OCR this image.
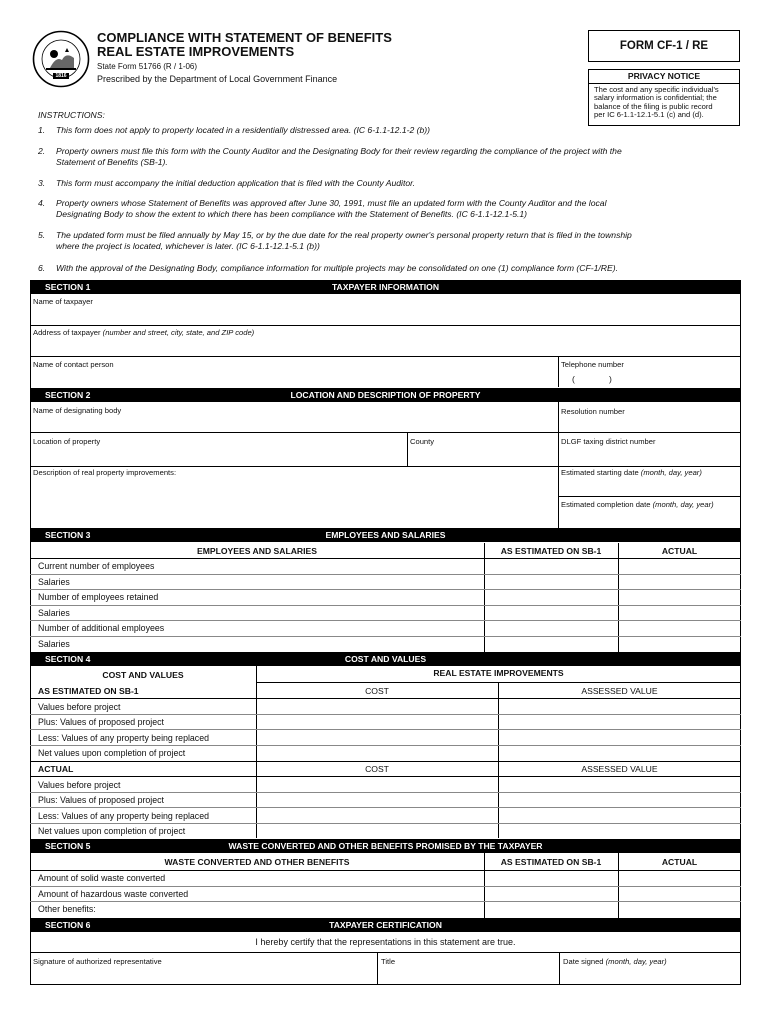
1816
COMPLIANCE WITH STATEMENT OF BENEFITS
REAL ESTATE IMPROVEMENTS
State Form 51766 (R / 1-06)
Prescribed by the Department of Local Government Finance
FORM CF-1 / RE
PRIVACY NOTICE
The cost and any specific individual's
salary information is confidential; the
balance of the filing is public record
per IC 6-1.1-12.1-5.1 (c) and (d).
INSTRUCTIONS:
1. This form does not apply to property located in a residentially distressed area. (IC 6-1.1-12.1-2 (b))
2. Property owners must file this form with the County Auditor and the Designating Body for their review regarding the compliance of the project with the
Statement of Benefits (SB-1).
3. This form must accompany the initial deduction application that is filed with the County Auditor.
4. Property owners whose Statement of Benefits was approved after June 30, 1991, must file an updated form with the County Auditor and the local
Designating Body to show the extent to which there has been compliance with the Statement of Benefits. (IC 6-1.1-12.1-5.1)
5. The updated form must be filed annually by May 15, or by the due date for the real property owner's personal property return that is filed in the township
where the project is located, whichever is later. (IC 6-1.1-12.1-5.1 (b))
6. With the approval of the Designating Body, compliance information for multiple projects may be consolidated on one (1) compliance form (CF-1/RE).
SECTION 1	TAXPAYER INFORMATION
Name of taxpayer
Address of taxpayer (number and street, city, state, and ZIP code)
Name of contact person	Telephone number
(	)
SECTION 2	LOCATION AND DESCRIPTION OF PROPERTY
Name of designating body	Resolution number
Location of property	County	DLGF taxing district number
Description of real property improvements:	Estimated starting date (month, day, year)
Estimated completion date (month, day, year)
SECTION 3	EMPLOYEES AND SALARIES
EMPLOYEES AND SALARIES	AS ESTIMATED ON SB-1	ACTUAL
Current number of employees
Salaries
Number of employees retained
Salaries
Number of additional employees
Salaries
SECTION 4	COST AND VALUES
COST AND VALUES	REAL ESTATE IMPROVEMENTS
AS ESTIMATED ON SB-1	COST	ASSESSED VALUE
Values before project
Plus: Values of proposed project
Less: Values of any property being replaced
Net values upon completion of project
ACTUAL	COST	ASSESSED VALUE
Values before project
Plus: Values of proposed project
Less: Values of any property being replaced
Net values upon completion of project
SECTION 5	WASTE CONVERTED AND OTHER BENEFITS PROMISED BY THE TAXPAYER
WASTE CONVERTED AND OTHER BENEFITS	AS ESTIMATED ON SB-1	ACTUAL
Amount of solid waste converted
Amount of hazardous waste converted
Other benefits:
SECTION 6	TAXPAYER CERTIFICATION
I hereby certify that the representations in this statement are true.
Signature of authorized representative	Title	Date signed (month, day, year)
